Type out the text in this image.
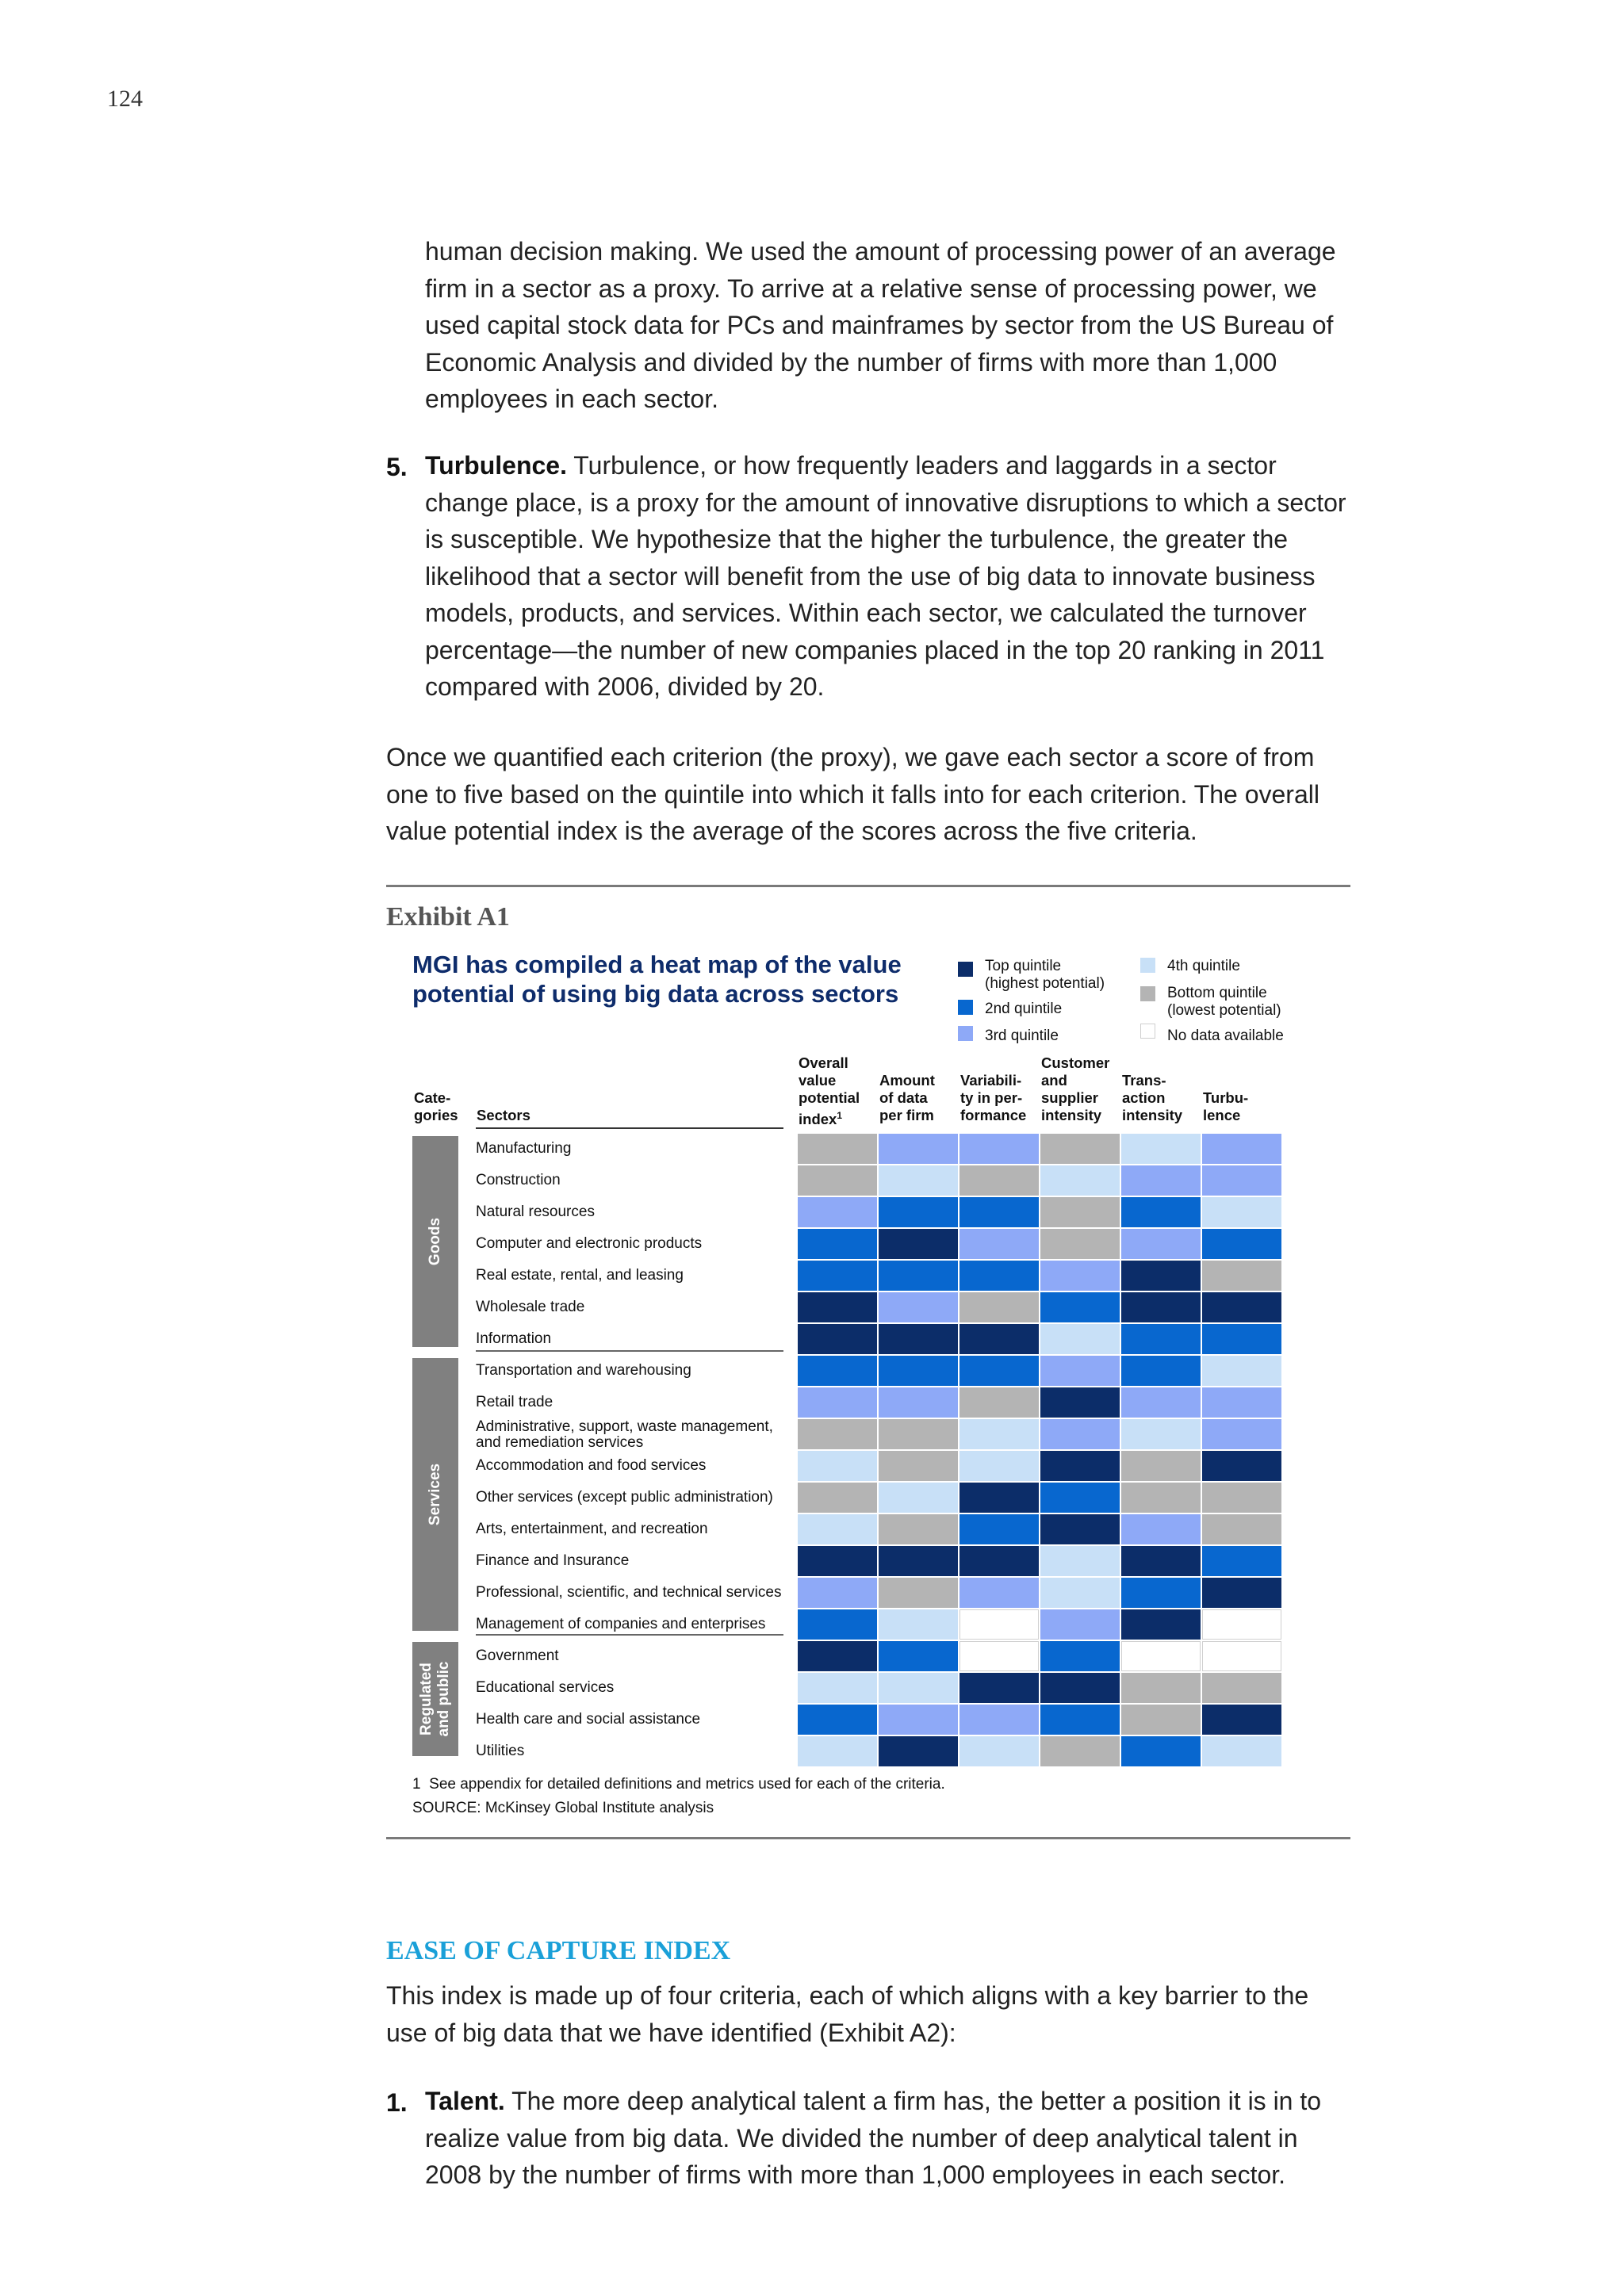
124

human decision making. We used the amount of processing power of an average firm in a sector as a proxy. To arrive at a relative sense of processing power, we used capital stock data for PCs and mainframes by sector from the US Bureau of Economic Analysis and divided by the number of firms with more than 1,000 employees in each sector.

5. Turbulence. Turbulence, or how frequently leaders and laggards in a sector change place, is a proxy for the amount of innovative disruptions to which a sector is susceptible. We hypothesize that the higher the turbulence, the greater the likelihood that a sector will benefit from the use of big data to innovate business models, products, and services. Within each sector, we calculated the turnover percentage—the number of new companies placed in the top 20 ranking in 2011 compared with 2006, divided by 20.

Once we quantified each criterion (the proxy), we gave each sector a score of from one to five based on the quintile into which it falls into for each criterion. The overall value potential index is the average of the scores across the five criteria.

Exhibit A1
MGI has compiled a heat map of the value potential of using big data across sectors
Top quintile
(highest potential)
2nd quintile
3rd quintile
4th quintile
Bottom quintile
(lowest potential)
No data available
Cate-
gories Sectors
Overall
value
potential
index$^1$
Amount
of data
per firm
Variabili-
ty in per-
formance
Customer
and
supplier
intensity
Trans-
action
intensity
Turbu-
lence
Goods
Services
Regulated and public
Manufacturing
Construction
Natural resources
Computer and electronic products
Real estate, rental, and leasing
Wholesale trade
Information
Transportation and warehousing
Retail trade
Administrative, support, waste management, and remediation services
Accommodation and food services
Other services (except public administration)
Arts, entertainment, and recreation
Finance and Insurance
Professional, scientific, and technical services
Management of companies and enterprises
Government
Educational services
Health care and social assistance
Utilities
1 See appendix for detailed definitions and metrics used for each of the criteria.
SOURCE: McKinsey Global Institute analysis
EASE OF CAPTURE INDEX

This index is made up of four criteria, each of which aligns with a key barrier to the use of big data that we have identified (Exhibit A2):

1. Talent. The more deep analytical talent a firm has, the better a position it is in to realize value from big data. We divided the number of deep analytical talent in 2008 by the number of firms with more than 1,000 employees in each sector.
